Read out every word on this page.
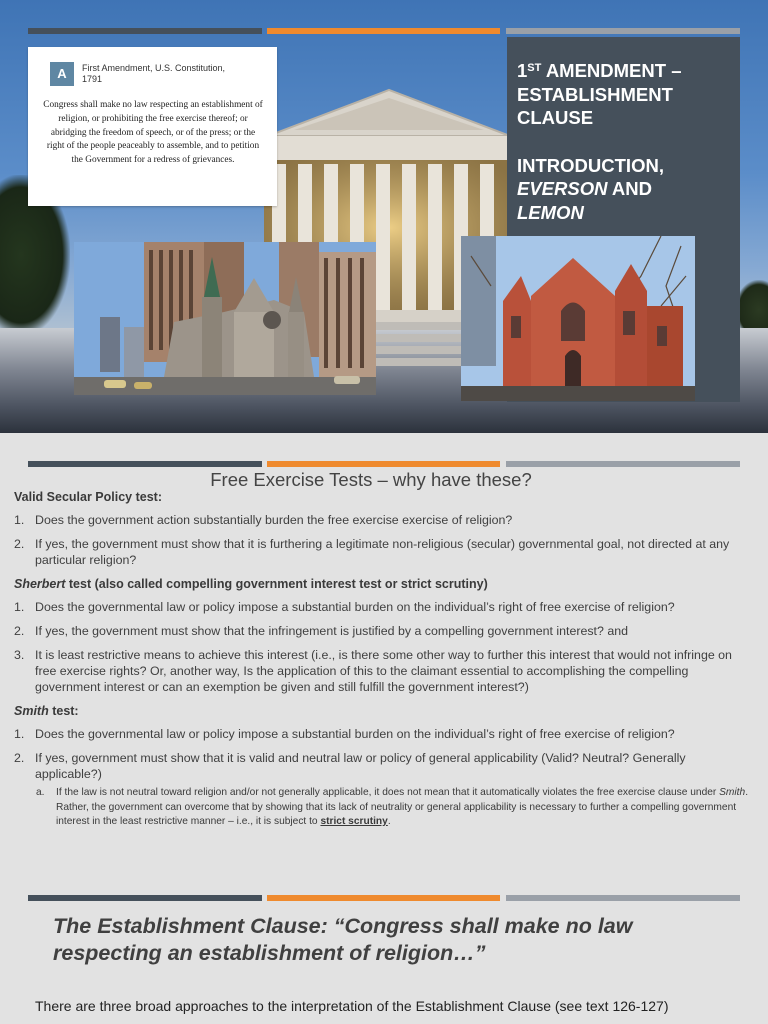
A	First Amendment, U.S. Constitution,
1791
Congress shall make no law respecting an establishment of religion, or prohibiting the free exercise thereof; or abridging the freedom of speech, or of the press; or the right of the people peaceably to assemble, and to petition the Government for a redress of grievances.
1ST AMENDMENT –
ESTABLISHMENT
CLAUSE
INTRODUCTION,
EVERSON AND
LEMON
Free Exercise Tests – why have these?
Valid Secular Policy test:
1. Does the government action substantially burden the free exercise exercise of religion?
2. If yes, the government must show that it is furthering a legitimate non-religious (secular) governmental goal, not directed at any particular religion?
Sherbert test (also called compelling government interest test or strict scrutiny)
1. Does the governmental law or policy impose a substantial burden on the individual’s right of free exercise of religion?
2. If yes, the government must show that the infringement is justified by a compelling government interest? and
3. It is least restrictive means to achieve this interest (i.e., is there some other way to further this interest that would not infringe on free exercise rights? Or, another way, Is the application of this to the claimant essential to accomplishing the compelling government interest or can an exemption be given and still fulfill the government interest?)
Smith test:
1. Does the governmental law or policy impose a substantial burden on the individual’s right of free exercise of religion?
2. If yes, government must show that it is valid and neutral law or policy of general applicability (Valid? Neutral? Generally applicable?)
a. If the law is not neutral toward religion and/or not generally applicable, it does not mean that it automatically violates the free exercise clause under Smith. Rather, the government can overcome that by showing that its lack of neutrality or general applicability is necessary to further a compelling government interest in the least restrictive manner – i.e., it is subject to strict scrutiny.
The Establishment Clause: “Congress shall make no law respecting an establishment of religion…”
There are three broad approaches to the interpretation of the Establishment Clause (see text 126-127)
